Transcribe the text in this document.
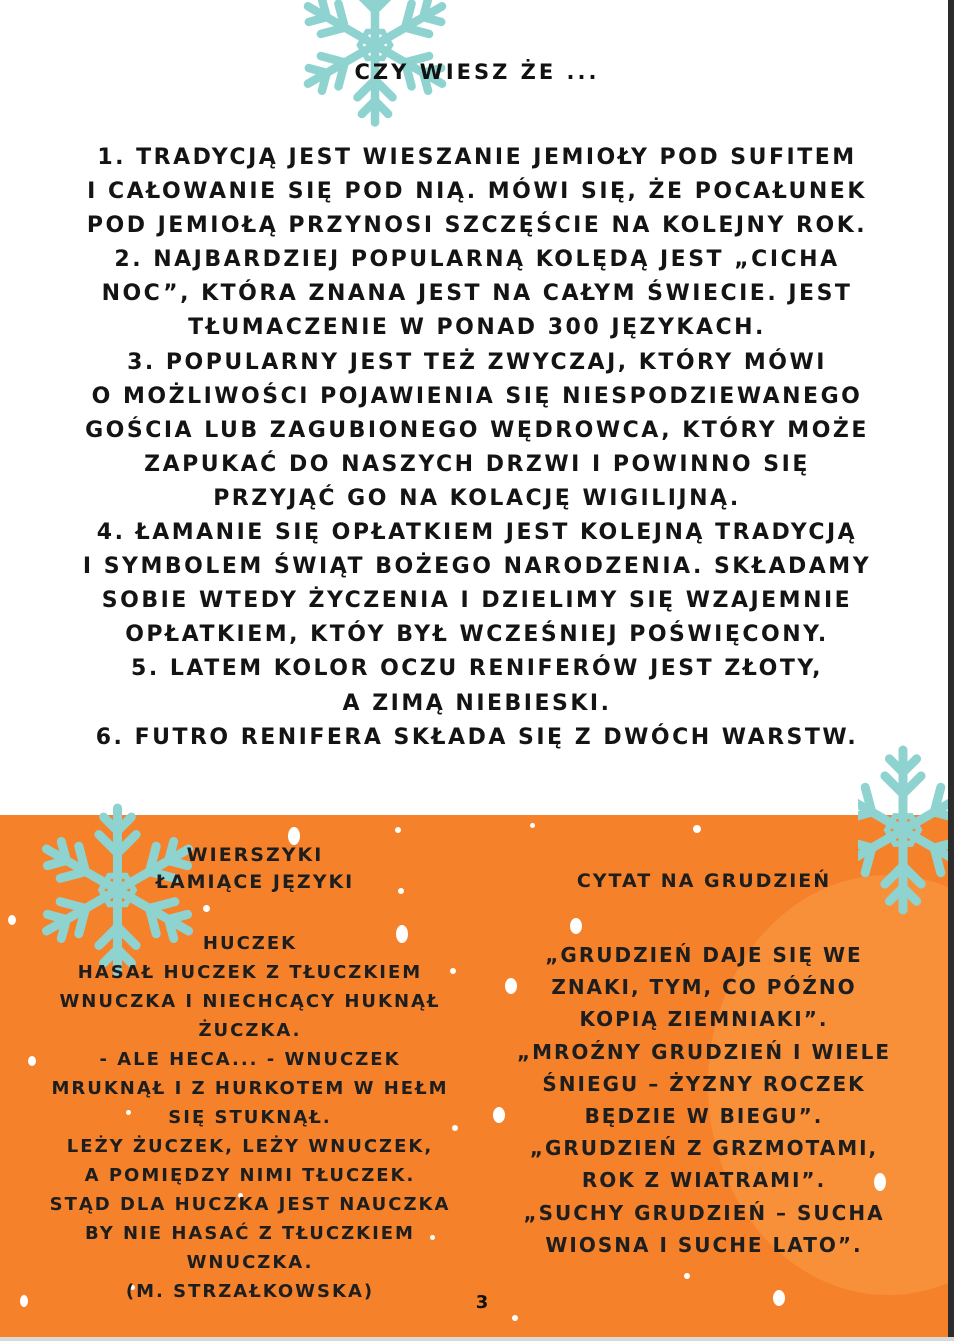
CZY WIESZ ŻE ...
1. TRADYCJĄ JEST WIESZANIE JEMIOŁY POD SUFITEM
I CAŁOWANIE SIĘ POD NIĄ. MÓWI SIĘ, ŻE POCAŁUNEK
POD JEMIOŁĄ PRZYNOSI SZCZĘŚCIE NA KOLEJNY ROK.
2. NAJBARDZIEJ POPULARNĄ KOLĘDĄ JEST „CICHA
NOC”, KTÓRA ZNANA JEST NA CAŁYM ŚWIECIE. JEST
TŁUMACZENIE W PONAD 300 JĘZYKACH.
3. POPULARNY JEST TEŻ ZWYCZAJ, KTÓRY MÓWI
O MOŻLIWOŚCI POJAWIENIA SIĘ NIESPODZIEWANEGO
GOŚCIA LUB ZAGUBIONEGO WĘDROWCA, KTÓRY MOŻE
ZAPUKAĆ DO NASZYCH DRZWI I POWINNO SIĘ
PRZYJĄĆ GO NA KOLACJĘ WIGILIJNĄ.
4. ŁAMANIE SIĘ OPŁATKIEM JEST KOLEJNĄ TRADYCJĄ
I SYMBOLEM ŚWIĄT BOŻEGO NARODZENIA. SKŁADAMY
SOBIE WTEDY ŻYCZENIA I DZIELIMY SIĘ WZAJEMNIE
OPŁATKIEM, KTÓY BYŁ WCZEŚNIEJ POŚWIĘCONY.
5. LATEM KOLOR OCZU RENIFERÓW JEST ZŁOTY,
A ZIMĄ NIEBIESKI.
6. FUTRO RENIFERA SKŁADA SIĘ Z DWÓCH WARSTW.
WIERSZYKI
ŁAMIĄCE JĘZYKI
HUCZEK
HASAŁ HUCZEK Z TŁUCZKIEM
WNUCZKA I NIECHCĄCY HUKNĄŁ
ŻUCZKA.
- ALE HECA... - WNUCZEK
MRUKNĄŁ I Z HURKOTEM W HEŁM
SIĘ STUKNĄŁ.
LEŻY ŻUCZEK, LEŻY WNUCZEK,
A POMIĘDZY NIMI TŁUCZEK.
STĄD DLA HUCZKA JEST NAUCZKA
BY NIE HASAĆ Z TŁUCZKIEM
WNUCZKA.
(M. STRZAŁKOWSKA)
CYTAT NA GRUDZIEŃ
„GRUDZIEŃ DAJE SIĘ WE
ZNAKI, TYM, CO PÓŹNO
KOPIĄ ZIEMNIAKI”.
„MROŹNY GRUDZIEŃ I WIELE
ŚNIEGU – ŻYZNY ROCZEK
BĘDZIE W BIEGU”.
„GRUDZIEŃ Z GRZMOTAMI,
ROK Z WIATRAMI”.
„SUCHY GRUDZIEŃ – SUCHA
WIOSNA I SUCHE LATO”.
3
